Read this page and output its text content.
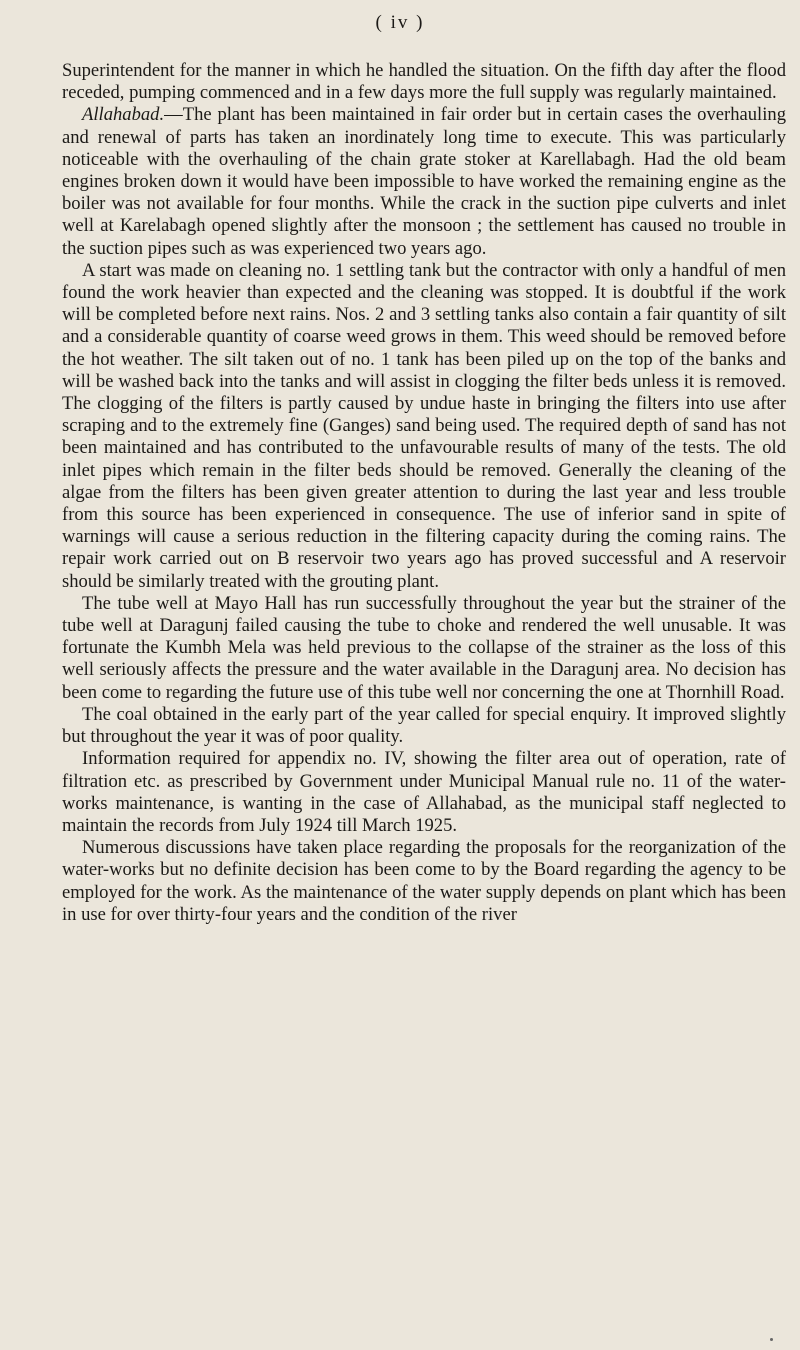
( iv )

Superintendent for the manner in which he handled the situation. On the fifth day after the flood receded, pumping commenced and in a few days more the full supply was regularly maintained.

Allahabad.—The plant has been maintained in fair order but in certain cases the overhauling and renewal of parts has taken an inordinately long time to execute. This was particularly noticeable with the overhauling of the chain grate stoker at Karellabagh. Had the old beam engines broken down it would have been impossible to have worked the remaining engine as the boiler was not available for four months. While the crack in the suction pipe culverts and inlet well at Karelabagh opened slightly after the monsoon ; the settlement has caused no trouble in the suction pipes such as was experienced two years ago.

A start was made on cleaning no. 1 settling tank but the contractor with only a handful of men found the work heavier than expected and the cleaning was stopped. It is doubtful if the work will be completed before next rains. Nos. 2 and 3 settling tanks also contain a fair quantity of silt and a considerable quantity of coarse weed grows in them. This weed should be removed before the hot weather. The silt taken out of no. 1 tank has been piled up on the top of the banks and will be washed back into the tanks and will assist in clogging the filter beds unless it is removed. The clogging of the filters is partly caused by undue haste in bringing the filters into use after scraping and to the extremely fine (Ganges) sand being used. The required depth of sand has not been maintained and has contributed to the unfavourable results of many of the tests. The old inlet pipes which remain in the filter beds should be removed. Generally the cleaning of the algae from the filters has been given greater attention to during the last year and less trouble from this source has been experienced in consequence. The use of inferior sand in spite of warnings will cause a serious reduction in the filtering capacity during the coming rains. The repair work carried out on B reservoir two years ago has proved successful and A reservoir should be similarly treated with the grouting plant.

The tube well at Mayo Hall has run successfully throughout the year but the strainer of the tube well at Daragunj failed causing the tube to choke and rendered the well unusable. It was fortunate the Kumbh Mela was held previous to the collapse of the strainer as the loss of this well seriously affects the pressure and the water available in the Daragunj area. No decision has been come to regarding the future use of this tube well nor concerning the one at Thornhill Road.

The coal obtained in the early part of the year called for special enquiry. It improved slightly but throughout the year it was of poor quality.

Information required for appendix no. IV, showing the filter area out of operation, rate of filtration etc. as prescribed by Government under Municipal Manual rule no. 11 of the water-works maintenance, is wanting in the case of Allahabad, as the municipal staff neglected to maintain the records from July 1924 till March 1925.

Numerous discussions have taken place regarding the proposals for the reorganization of the water-works but no definite decision has been come to by the Board regarding the agency to be employed for the work. As the maintenance of the water supply depends on plant which has been in use for over thirty-four years and the condition of the river
